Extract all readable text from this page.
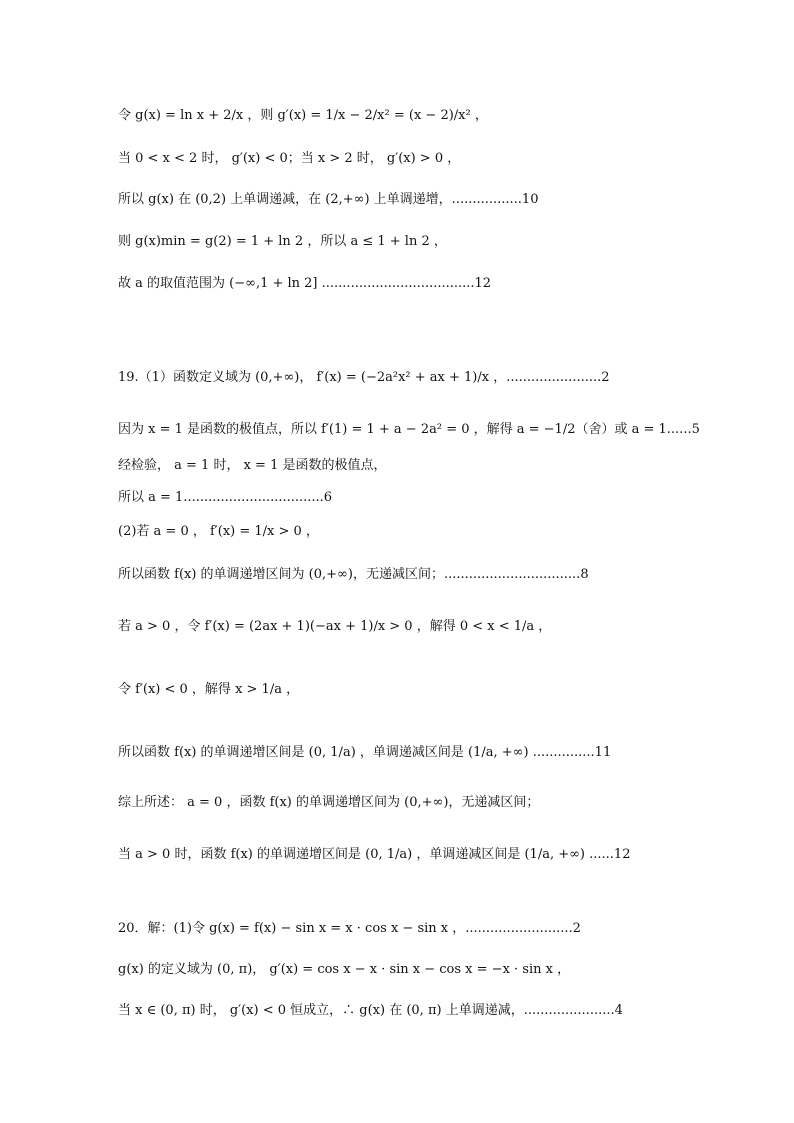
令 g(x) = ln x + 2/x ，则 g′(x) = 1/x − 2/x² = (x − 2)/x² ，
当 0 < x < 2 时， g′(x) < 0；当 x > 2 时， g′(x) > 0 ，
所以 g(x) 在 (0,2) 上单调递减，在 (2,+∞) 上单调递增，.................10
则 g(x)min = g(2) = 1 + ln 2 ，所以 a ≤ 1 + ln 2 ，
故 a 的取值范围为 (−∞,1 + ln 2] .....................................12
19.（1）函数定义域为 (0,+∞)， f′(x) = (−2a²x² + ax + 1)/x ，.......................2
因为 x = 1 是函数的极值点，所以 f′(1) = 1 + a − 2a² = 0 ，解得 a = −1/2（舍）或 a = 1......5
经检验， a = 1 时， x = 1 是函数的极值点，
所以 a = 1..................................6
(2)若 a = 0 ， f′(x) = 1/x > 0 ，
所以函数 f(x) 的单调递增区间为 (0,+∞)，无递减区间；.................................8
若 a > 0 ，令 f′(x) = (2ax + 1)(−ax + 1)/x > 0 ，解得 0 < x < 1/a ，
令 f′(x) < 0 ，解得 x > 1/a ，
所以函数 f(x) 的单调递增区间是 (0, 1/a) ，单调递减区间是 (1/a, +∞) ...............11
综上所述： a = 0 ，函数 f(x) 的单调递增区间为 (0,+∞)，无递减区间；
当 a > 0 时，函数 f(x) 的单调递增区间是 (0, 1/a) ，单调递减区间是 (1/a, +∞) ......12
20．解：(1)令 g(x) = f(x) − sin x = x · cos x − sin x ，..........................2
g(x) 的定义域为 (0, π)， g′(x) = cos x − x · sin x − cos x = −x · sin x ，
当 x ∈ (0, π) 时， g′(x) < 0 恒成立，∴ g(x) 在 (0, π) 上单调递减，......................4
